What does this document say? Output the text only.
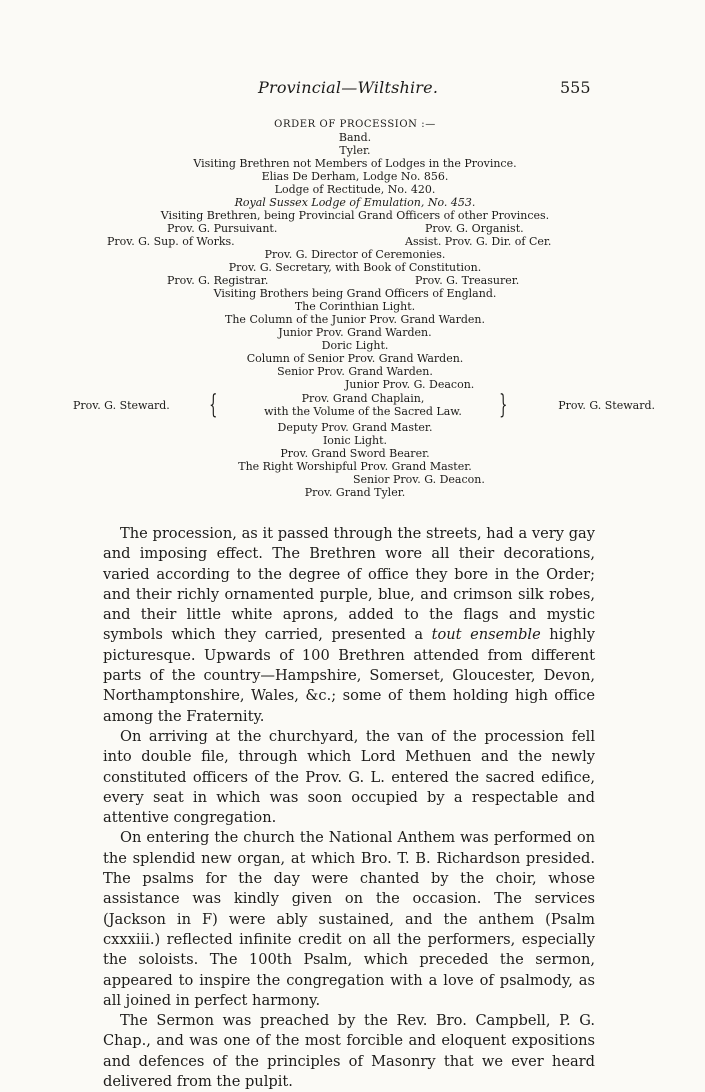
Provincial—Wiltshire.	555
ORDER OF PROCESSION :—
Band.
Tyler.
Visiting Brethren not Members of Lodges in the Province.
Elias De Derham, Lodge No. 856.
Lodge of Rectitude, No. 420.
Royal Sussex Lodge of Emulation, No. 453.
Visiting Brethren, being Provincial Grand Officers of other Provinces.
Prov. G. Pursuivant.	Prov. G. Organist.
Prov. G. Sup. of Works.	Assist. Prov. G. Dir. of Cer.
Prov. G. Director of Ceremonies.
Prov. G. Secretary, with Book of Constitution.
Prov. G. Registrar.	Prov. G. Treasurer.
Visiting Brothers being Grand Officers of England.
The Corinthian Light.
The Column of the Junior Prov. Grand Warden.
Junior Prov. Grand Warden.
Doric Light.
Column of Senior Prov. Grand Warden.
Senior Prov. Grand Warden.
Junior Prov. G. Deacon.
Prov. G. Steward. {	Prov. Grand Chaplain,
with the Volume of the Sacred Law.	}	Prov. G. Steward.
Deputy Prov. Grand Master.
Ionic Light.
Prov. Grand Sword Bearer.
The Right Worshipful Prov. Grand Master.
Senior Prov. G. Deacon.
Prov. Grand Tyler.

The procession, as it passed through the streets, had a very gay and imposing effect. The Brethren wore all their decorations, varied according to the degree of office they bore in the Order; and their richly ornamented purple, blue, and crimson silk robes, and their little white aprons, added to the flags and mystic symbols which they carried, presented a tout ensemble highly picturesque. Upwards of 100 Brethren attended from different parts of the country—Hampshire, Somerset, Gloucester, Devon, Northamptonshire, Wales, &c.; some of them holding high office among the Fraternity.

On arriving at the churchyard, the van of the procession fell into double file, through which Lord Methuen and the newly constituted officers of the Prov. G. L. entered the sacred edifice, every seat in which was soon occupied by a respectable and attentive congregation.

On entering the church the National Anthem was performed on the splendid new organ, at which Bro. T. B. Richardson presided. The psalms for the day were chanted by the choir, whose assistance was kindly given on the occasion. The services (Jackson in F) were ably sustained, and the anthem (Psalm cxxxiii.) reflected infinite credit on all the performers, especially the soloists. The 100th Psalm, which preceded the sermon, appeared to inspire the congregation with a love of psalmody, as all joined in perfect harmony.

The Sermon was preached by the Rev. Bro. Campbell, P. G. Chap., and was one of the most forcible and eloquent expositions and defences of the principles of Masonry that we ever heard delivered from the pulpit.
